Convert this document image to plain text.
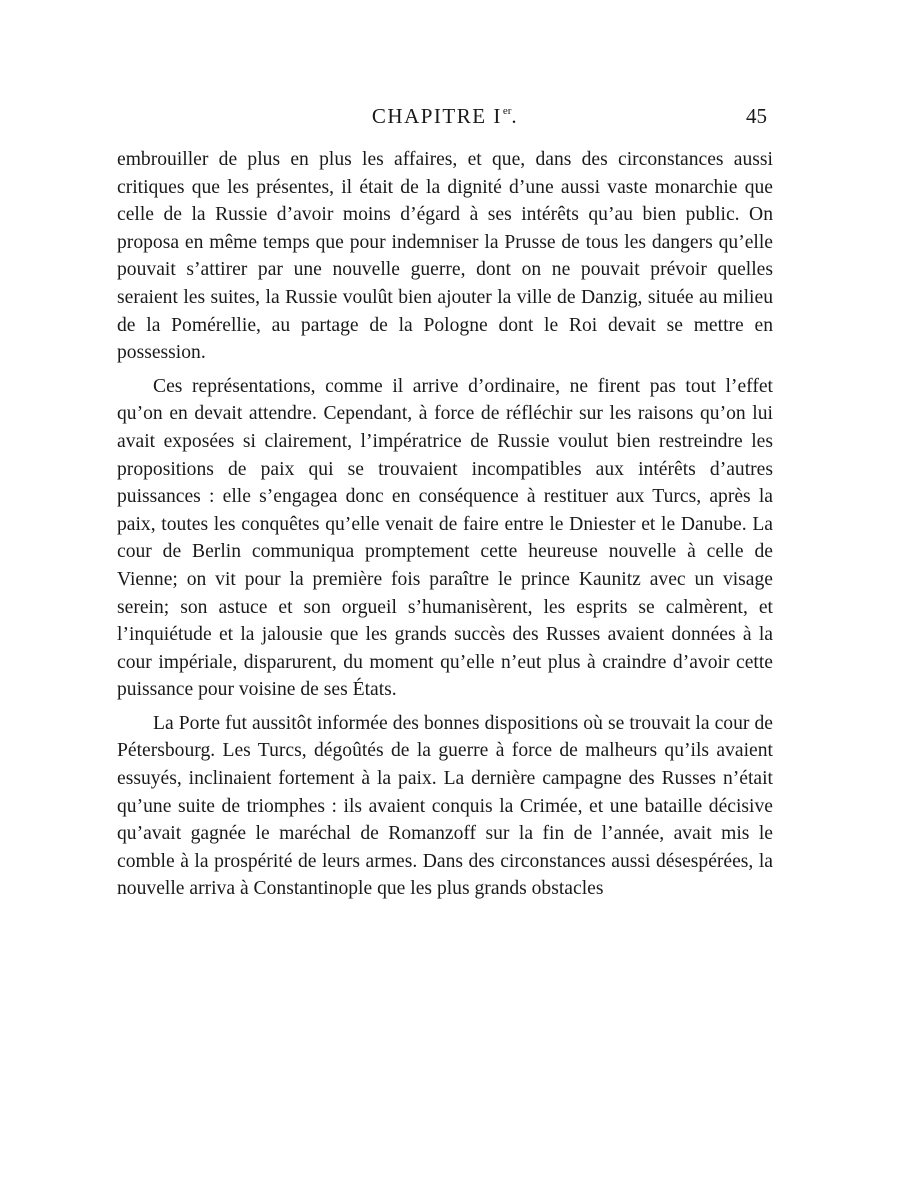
CHAPITRE Ier.	45

embrouiller de plus en plus les affaires, et que, dans des circonstances aussi critiques que les présentes, il était de la dignité d’une aussi vaste monarchie que celle de la Russie d’avoir moins d’égard à ses intérêts qu’au bien public. On proposa en même temps que pour indemniser la Prusse de tous les dangers qu’elle pouvait s’attirer par une nouvelle guerre, dont on ne pouvait prévoir quelles seraient les suites, la Russie voulût bien ajouter la ville de Danzig, située au milieu de la Pomérellie, au partage de la Pologne dont le Roi devait se mettre en possession.

Ces représentations, comme il arrive d’ordinaire, ne firent pas tout l’effet qu’on en devait attendre. Cependant, à force de réfléchir sur les raisons qu’on lui avait exposées si clairement, l’impératrice de Russie voulut bien restreindre les propositions de paix qui se trouvaient incompatibles aux intérêts d’autres puissances : elle s’engagea donc en conséquence à restituer aux Turcs, après la paix, toutes les conquêtes qu’elle venait de faire entre le Dniester et le Danube. La cour de Berlin communiqua promptement cette heureuse nouvelle à celle de Vienne; on vit pour la première fois paraître le prince Kaunitz avec un visage serein; son astuce et son orgueil s’humanisèrent, les esprits se calmèrent, et l’inquiétude et la jalousie que les grands succès des Russes avaient données à la cour impériale, disparurent, du moment qu’elle n’eut plus à craindre d’avoir cette puissance pour voisine de ses États.

La Porte fut aussitôt informée des bonnes dispositions où se trouvait la cour de Pétersbourg. Les Turcs, dégoûtés de la guerre à force de malheurs qu’ils avaient essuyés, inclinaient fortement à la paix. La dernière campagne des Russes n’était qu’une suite de triomphes : ils avaient conquis la Crimée, et une bataille décisive qu’avait gagnée le maréchal de Romanzoff sur la fin de l’année, avait mis le comble à la prospérité de leurs armes. Dans des circonstances aussi désespérées, la nouvelle arriva à Constantinople que les plus grands obstacles
